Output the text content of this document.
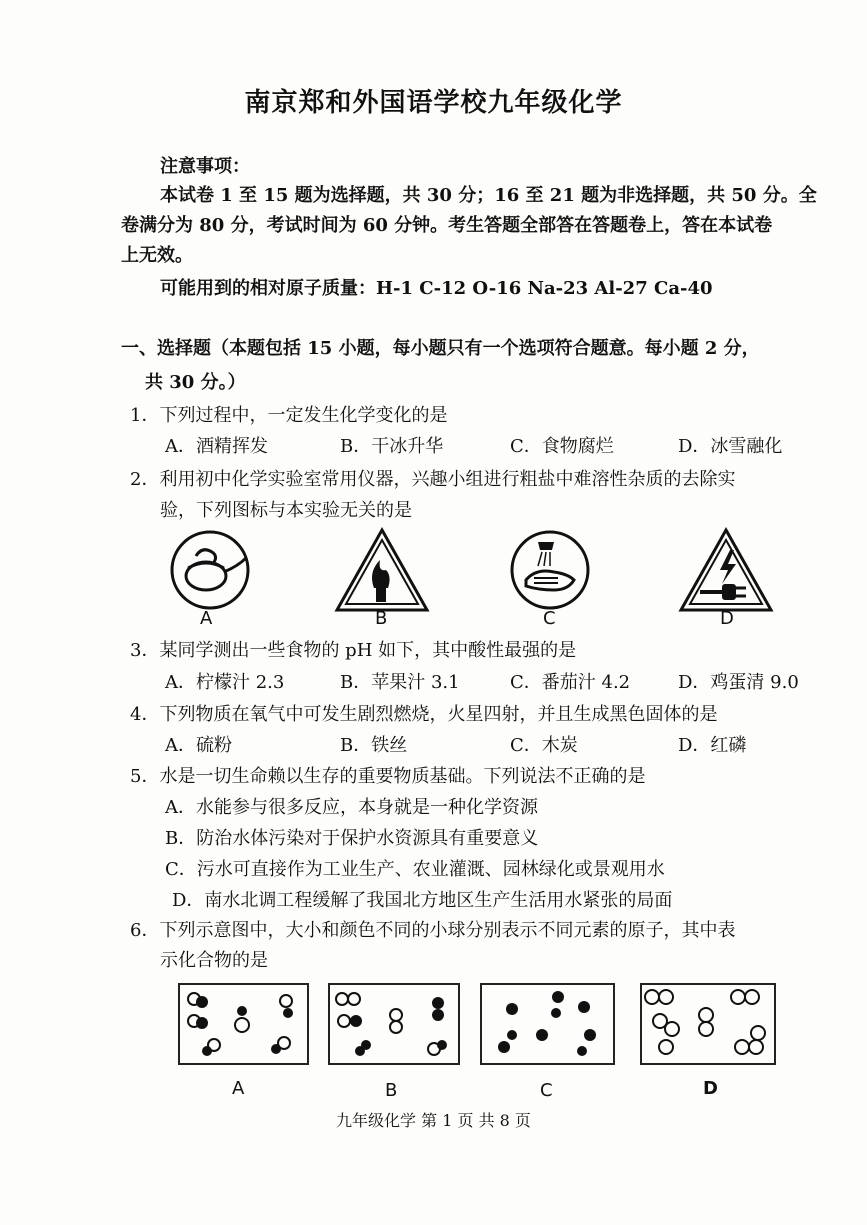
南京郑和外国语学校九年级化学
注意事项：
本试卷 1 至 15 题为选择题，共 30 分；16 至 21 题为非选择题，共 50 分。全
卷满分为 80 分，考试时间为 60 分钟。考生答题全部答在答题卷上，答在本试卷
上无效。
可能用到的相对原子质量：H-1 C-12 O-16 Na-23 Al-27 Ca-40
一、选择题（本题包括 15 小题，每小题只有一个选项符合题意。每小题 2 分，
共 30 分。）
1．下列过程中，一定发生化学变化的是
A．酒精挥发	B．干冰升华	C．食物腐烂	D．冰雪融化
2．利用初中化学实验室常用仪器，兴趣小组进行粗盐中难溶性杂质的去除实
验，下列图标与本实验无关的是
A	B	C	D
3．某同学测出一些食物的 pH 如下，其中酸性最强的是
A．柠檬汁 2.3	B．苹果汁 3.1	C．番茄汁 4.2	D．鸡蛋清 9.0
4．下列物质在氧气中可发生剧烈燃烧，火星四射，并且生成黑色固体的是
A．硫粉	B．铁丝	C．木炭	D．红磷
5．水是一切生命赖以生存的重要物质基础。下列说法不正确的是
A．水能参与很多反应，本身就是一种化学资源
B．防治水体污染对于保护水资源具有重要意义
C．污水可直接作为工业生产、农业灌溉、园林绿化或景观用水
D．南水北调工程缓解了我国北方地区生产生活用水紧张的局面
6．下列示意图中，大小和颜色不同的小球分别表示不同元素的原子，其中表
示化合物的是
A	B	C	D
九年级化学 第 1 页 共 8 页
